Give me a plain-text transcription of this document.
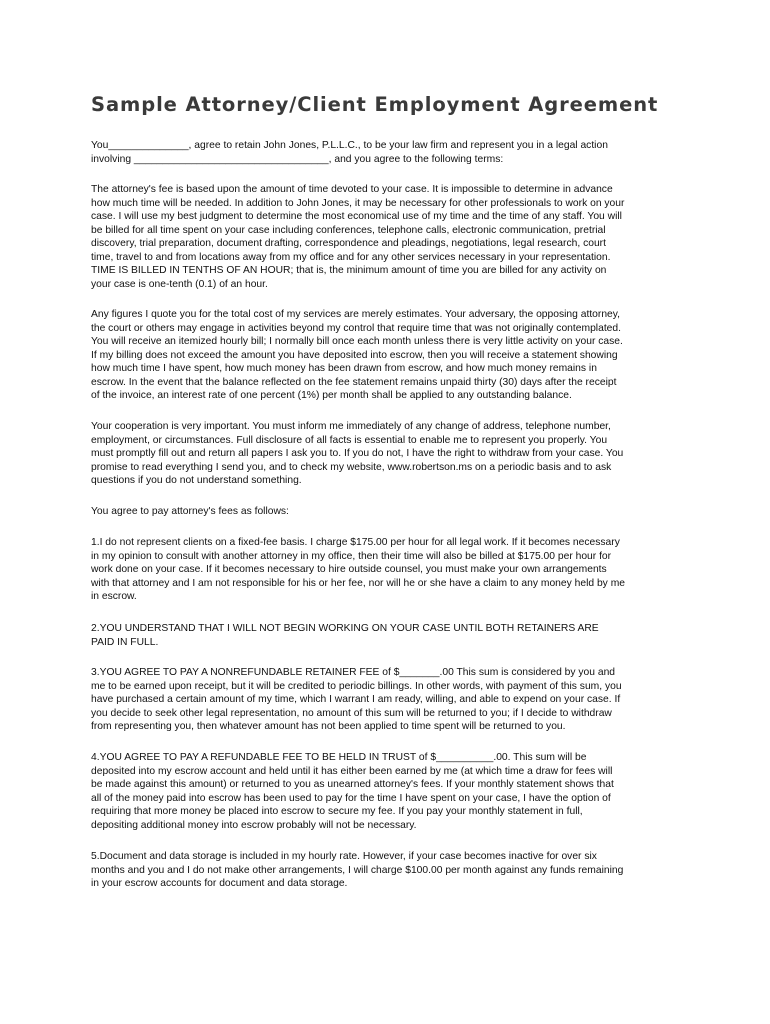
Sample Attorney/Client Employment Agreement
You______________, agree to retain John Jones, P.L.L.C., to be your law firm and represent you in a legal action
involving __________________________________, and you agree to the following terms:
The attorney's fee is based upon the amount of time devoted to your case. It is impossible to determine in advance
how much time will be needed. In addition to John Jones, it may be necessary for other professionals to work on your
case. I will use my best judgment to determine the most economical use of my time and the time of any staff. You will
be billed for all time spent on your case including conferences, telephone calls, electronic communication, pretrial
discovery, trial preparation, document drafting, correspondence and pleadings, negotiations, legal research, court
time, travel to and from locations away from my office and for any other services necessary in your representation.
TIME IS BILLED IN TENTHS OF AN HOUR; that is, the minimum amount of time you are billed for any activity on
your case is one-tenth (0.1) of an hour.
Any figures I quote you for the total cost of my services are merely estimates. Your adversary, the opposing attorney,
the court or others may engage in activities beyond my control that require time that was not originally contemplated.
You will receive an itemized hourly bill; I normally bill once each month unless there is very little activity on your case.
If my billing does not exceed the amount you have deposited into escrow, then you will receive a statement showing
how much time I have spent, how much money has been drawn from escrow, and how much money remains in
escrow. In the event that the balance reflected on the fee statement remains unpaid thirty (30) days after the receipt
of the invoice, an interest rate of one percent (1%) per month shall be applied to any outstanding balance.
Your cooperation is very important. You must inform me immediately of any change of address, telephone number,
employment, or circumstances. Full disclosure of all facts is essential to enable me to represent you properly. You
must promptly fill out and return all papers I ask you to. If you do not, I have the right to withdraw from your case. You
promise to read everything I send you, and to check my website, www.robertson.ms on a periodic basis and to ask
questions if you do not understand something.
You agree to pay attorney's fees as follows:
1.I do not represent clients on a fixed-fee basis. I charge $175.00 per hour for all legal work. If it becomes necessary
in my opinion to consult with another attorney in my office, then their time will also be billed at $175.00 per hour for
work done on your case. If it becomes necessary to hire outside counsel, you must make your own arrangements
with that attorney and I am not responsible for his or her fee, nor will he or she have a claim to any money held by me
in escrow.
2.YOU UNDERSTAND THAT I WILL NOT BEGIN WORKING ON YOUR CASE UNTIL BOTH RETAINERS ARE
PAID IN FULL.
3.YOU AGREE TO PAY A NONREFUNDABLE RETAINER FEE of $_______.00 This sum is considered by you and
me to be earned upon receipt, but it will be credited to periodic billings. In other words, with payment of this sum, you
have purchased a certain amount of my time, which I warrant I am ready, willing, and able to expend on your case. If
you decide to seek other legal representation, no amount of this sum will be returned to you; if I decide to withdraw
from representing you, then whatever amount has not been applied to time spent will be returned to you.
4.YOU AGREE TO PAY A REFUNDABLE FEE TO BE HELD IN TRUST of $__________.00. This sum will be
deposited into my escrow account and held until it has either been earned by me (at which time a draw for fees will
be made against this amount) or returned to you as unearned attorney's fees. If your monthly statement shows that
all of the money paid into escrow has been used to pay for the time I have spent on your case, I have the option of
requiring that more money be placed into escrow to secure my fee. If you pay your monthly statement in full,
depositing additional money into escrow probably will not be necessary.
5.Document and data storage is included in my hourly rate. However, if your case becomes inactive for over six
months and you and I do not make other arrangements, I will charge $100.00 per month against any funds remaining
in your escrow accounts for document and data storage.
